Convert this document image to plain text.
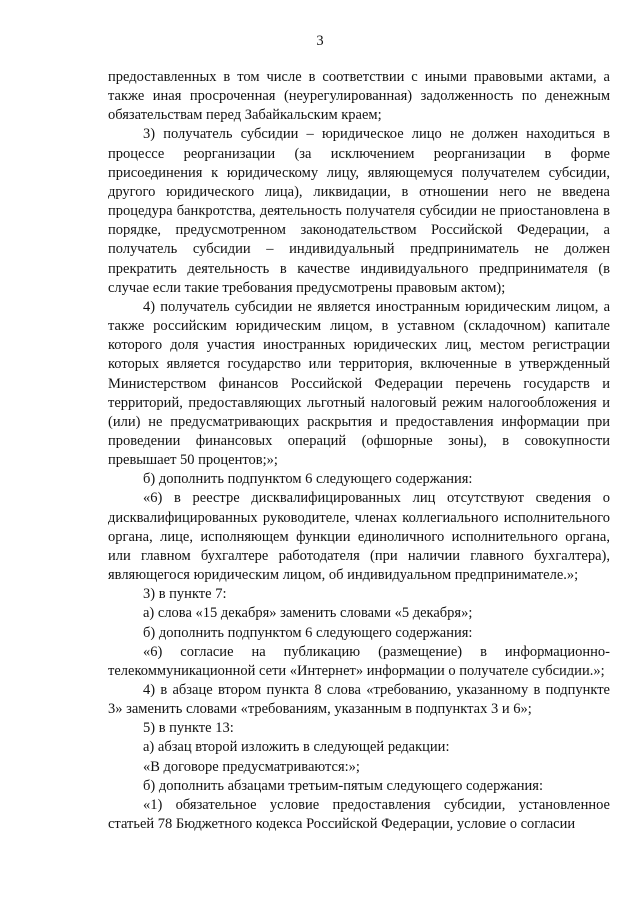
3

предоставленных в том числе в соответствии с иными правовыми актами, а также иная просроченная (неурегулированная) задолженность по денежным обязательствам перед Забайкальским краем;

3) получатель субсидии – юридическое лицо не должен находиться в процессе реорганизации (за исключением реорганизации в форме присоединения к юридическому лицу, являющемуся получателем субсидии, другого юридического лица), ликвидации, в отношении него не введена процедура банкротства, деятельность получателя субсидии не приостановлена в порядке, предусмотренном законодательством Российской Федерации, а получатель субсидии – индивидуальный предприниматель не должен прекратить деятельность в качестве индивидуального предпринимателя (в случае если такие требования предусмотрены правовым актом);

4) получатель субсидии не является иностранным юридическим лицом, а также российским юридическим лицом, в уставном (складочном) капитале которого доля участия иностранных юридических лиц, местом регистрации которых является государство или территория, включенные в утвержденный Министерством финансов Российской Федерации перечень государств и территорий, предоставляющих льготный налоговый режим налогообложения и (или) не предусматривающих раскрытия и предоставления информации при проведении финансовых операций (офшорные зоны), в совокупности превышает 50 процентов;»;

б) дополнить подпунктом 6 следующего содержания:

«6) в реестре дисквалифицированных лиц отсутствуют сведения о дисквалифицированных руководителе, членах коллегиального исполнительного органа, лице, исполняющем функции единоличного исполнительного органа, или главном бухгалтере работодателя (при наличии главного бухгалтера), являющегося юридическим лицом, об индивидуальном предпринимателе.»;

3) в пункте 7:

а) слова «15 декабря» заменить словами «5 декабря»;

б) дополнить подпунктом 6 следующего содержания:

«6) согласие на публикацию (размещение) в информационно-телекоммуникационной сети «Интернет» информации о получателе субсидии.»;

4) в абзаце втором пункта 8 слова «требованию, указанному в подпункте 3» заменить словами «требованиям, указанным в подпунктах 3 и 6»;

5) в пункте 13:

а) абзац второй изложить в следующей редакции:

«В договоре предусматриваются:»;

б) дополнить абзацами третьим-пятым следующего содержания:

«1) обязательное условие предоставления субсидии, установленное статьей 78 Бюджетного кодекса Российской Федерации, условие о согласии
